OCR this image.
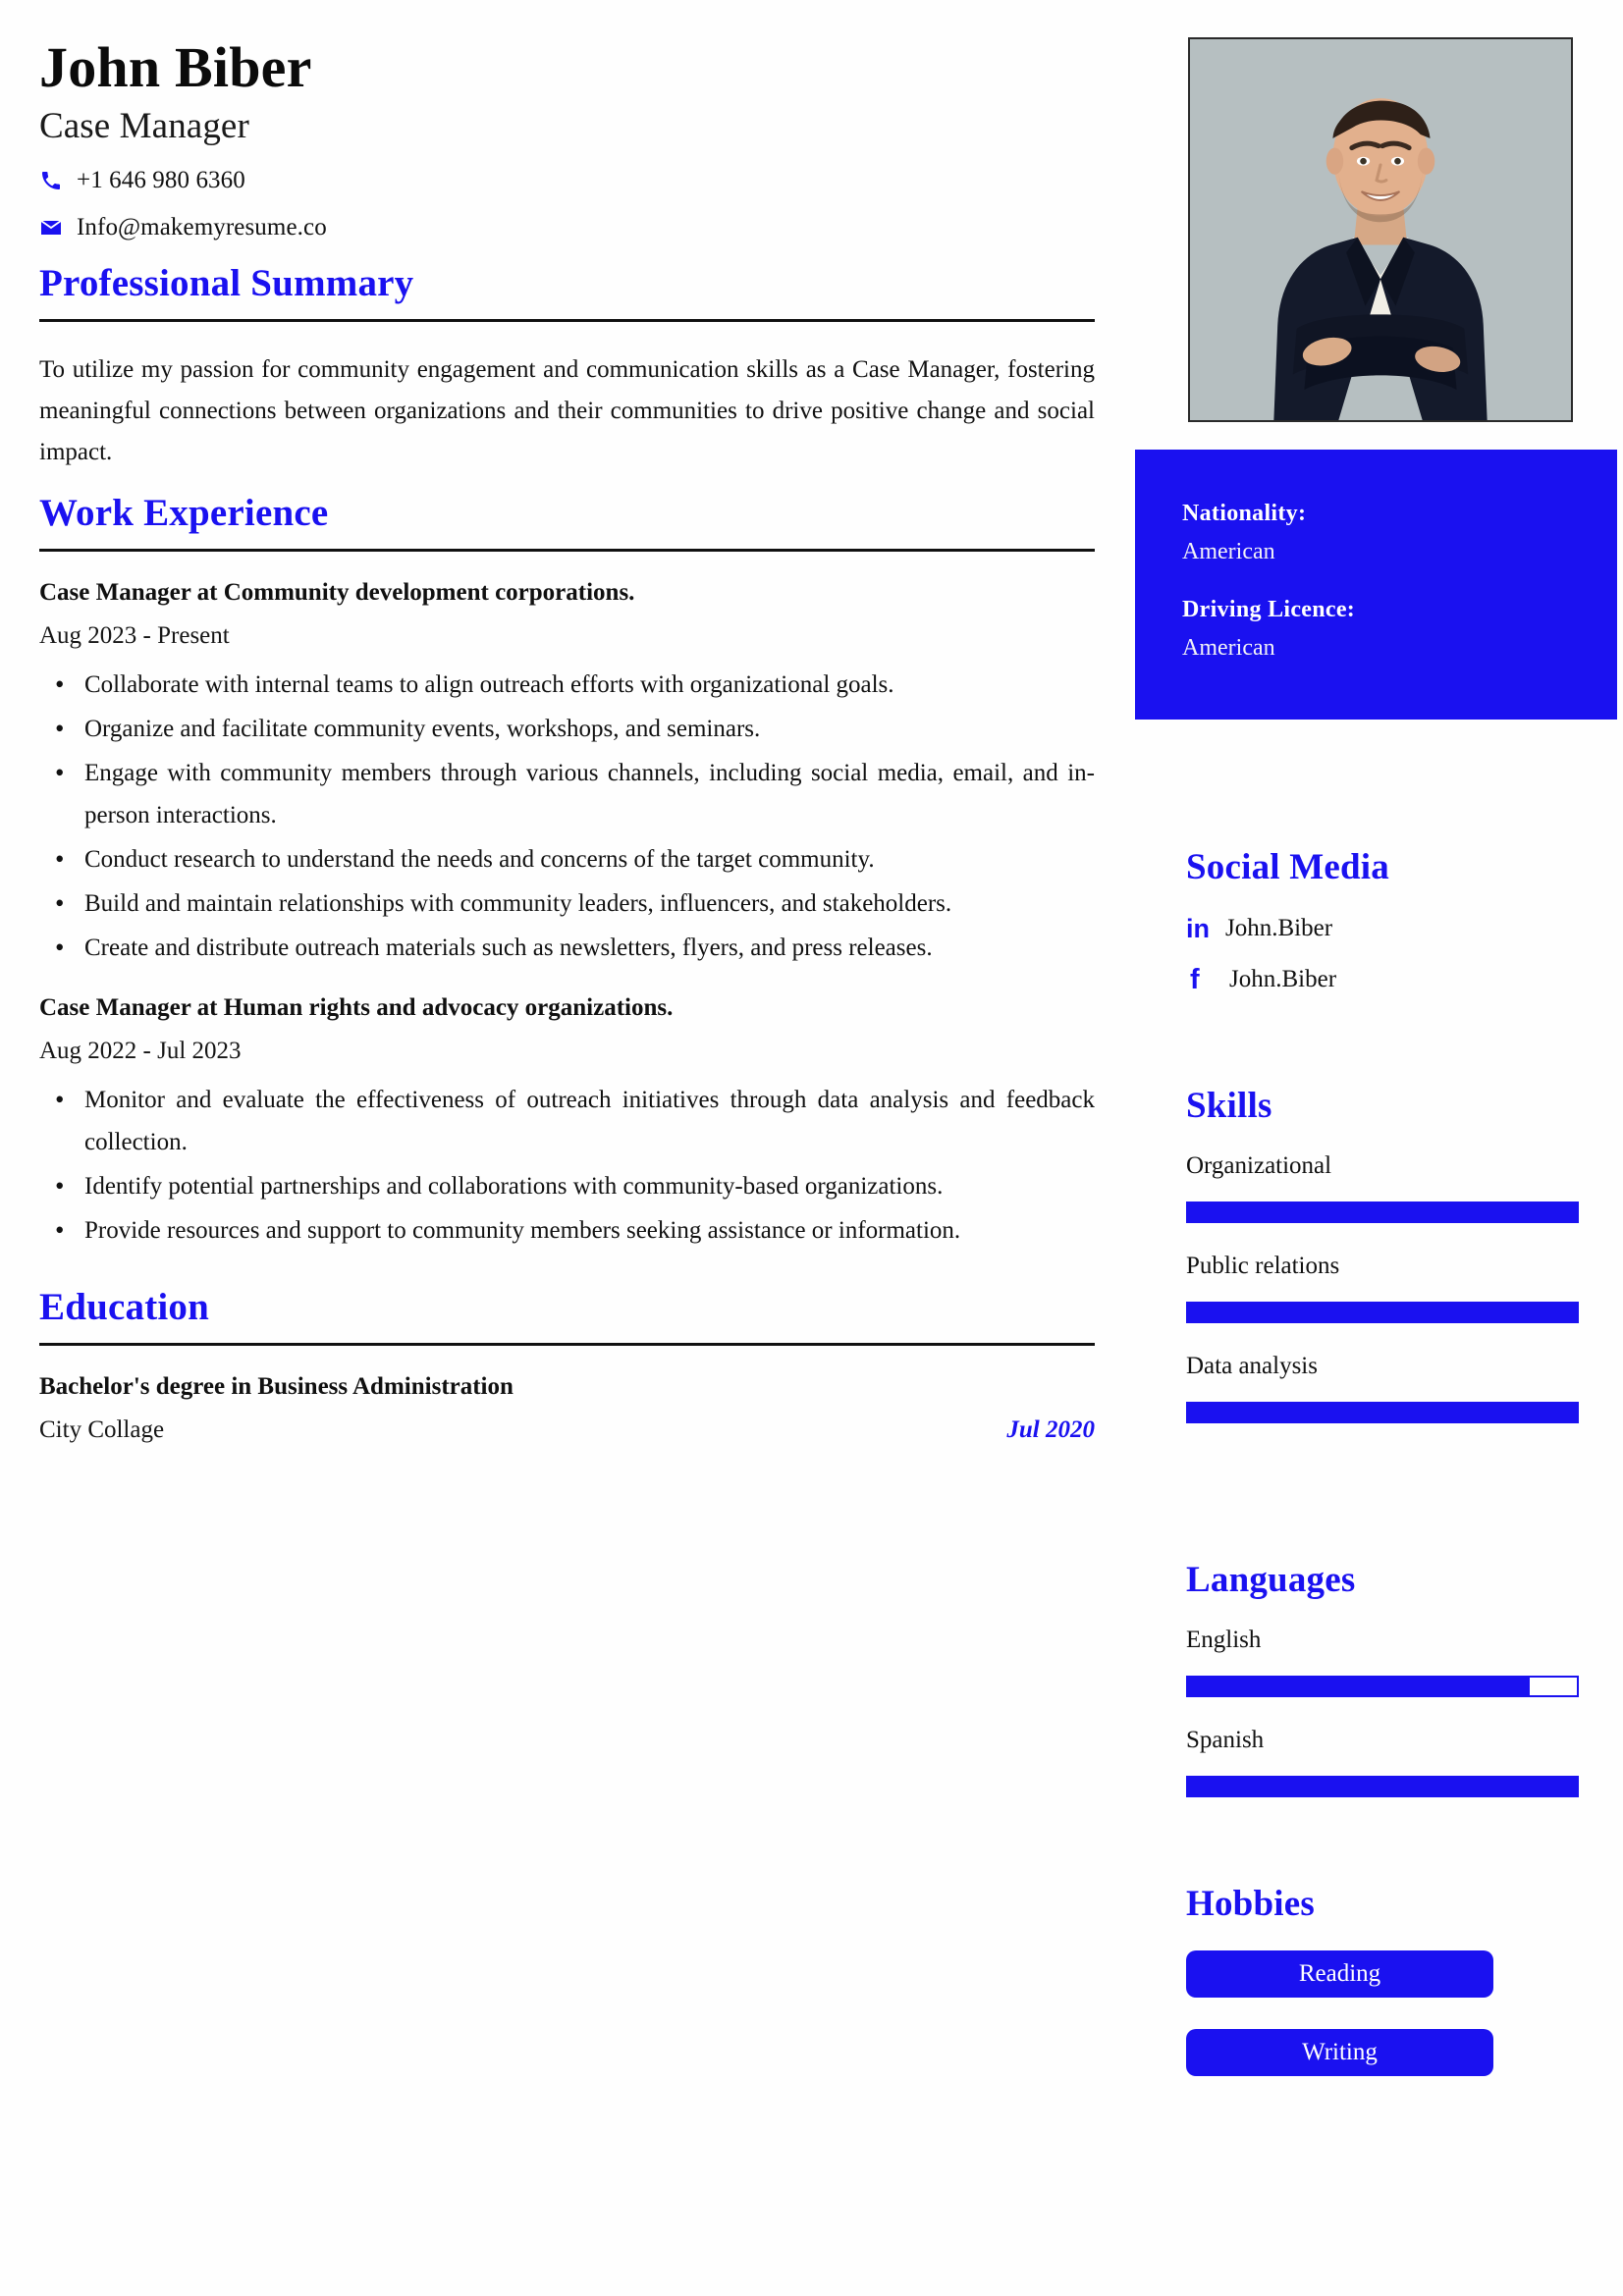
John Biber
Case Manager
+1 646 980 6360
Info@makemyresume.co
Professional Summary

To utilize my passion for community engagement and communication skills as a Case Manager, fostering meaningful connections between organizations and their communities to drive positive change and social impact.

Work Experience
Case Manager at Community development corporations.
Aug 2023 - Present
• Collaborate with internal teams to align outreach efforts with organizational goals.
• Organize and facilitate community events, workshops, and seminars.
• Engage with community members through various channels, including social media, email, and in-person interactions.
• Conduct research to understand the needs and concerns of the target community.
• Build and maintain relationships with community leaders, influencers, and stakeholders.
• Create and distribute outreach materials such as newsletters, flyers, and press releases.
Case Manager at Human rights and advocacy organizations.
Aug 2022 - Jul 2023
• Monitor and evaluate the effectiveness of outreach initiatives through data analysis and feedback collection.
• Identify potential partnerships and collaborations with community-based organizations.
• Provide resources and support to community members seeking assistance or information.
Education
Bachelor's degree in Business Administration
City Collage	Jul 2020
Nationality:
American
Driving Licence:
American
Social Media
in John.Biber
f	John.Biber
Skills
Organizational
Public relations
Data analysis
Languages
English
Spanish
Hobbies
Reading
Writing
